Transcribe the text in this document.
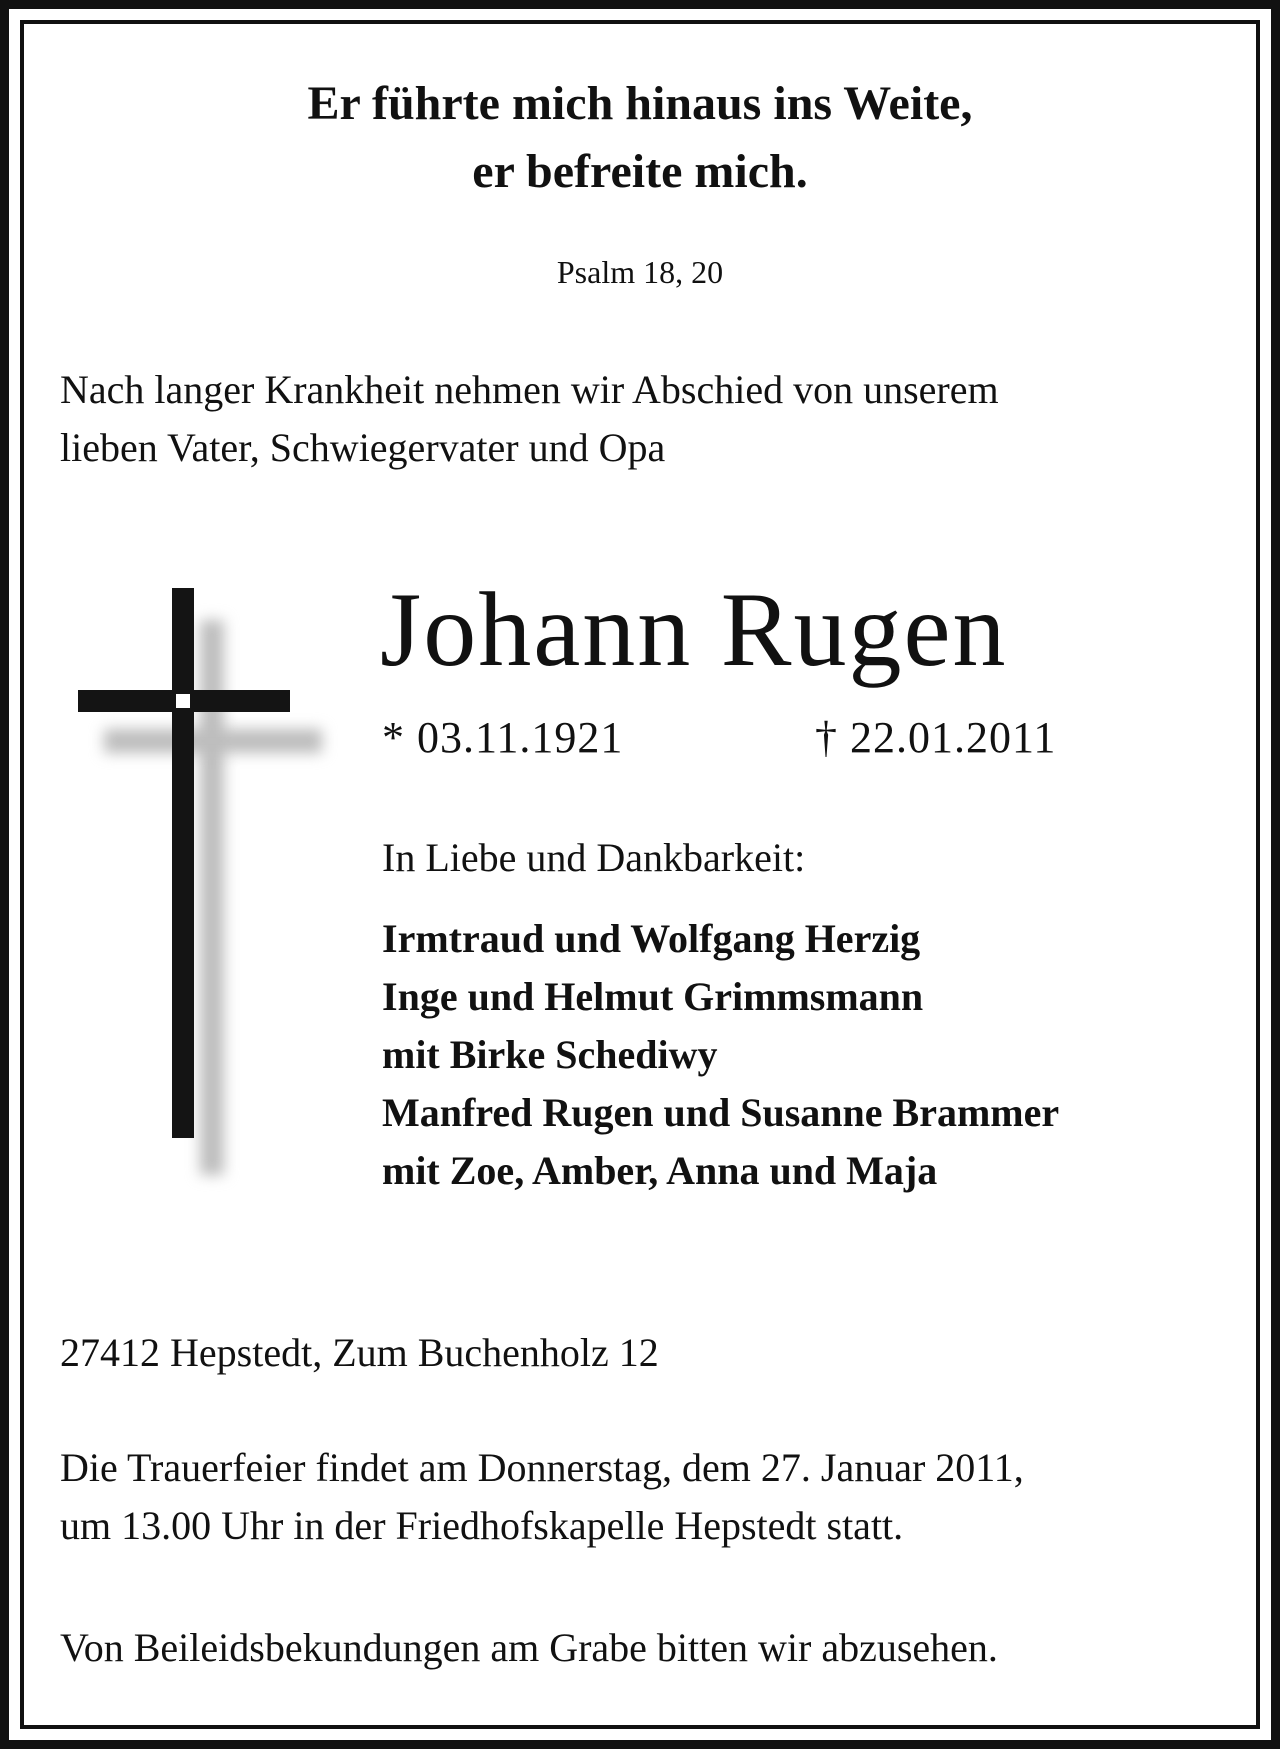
Er führte mich hinaus ins Weite,
er befreite mich.
Psalm 18, 20
Nach langer Krankheit nehmen wir Abschied von unserem
lieben Vater, Schwiegervater und Opa
Johann Rugen
* 03.11.1921	† 22.01.2011
In Liebe und Dankbarkeit:
Irmtraud und Wolfgang Herzig
Inge und Helmut Grimmsmann
mit Birke Schediwy
Manfred Rugen und Susanne Brammer
mit Zoe, Amber, Anna und Maja
27412 Hepstedt, Zum Buchenholz 12
Die Trauerfeier findet am Donnerstag, dem 27. Januar 2011,
um 13.00 Uhr in der Friedhofskapelle Hepstedt statt.
Von Beileidsbekundungen am Grabe bitten wir abzusehen.
